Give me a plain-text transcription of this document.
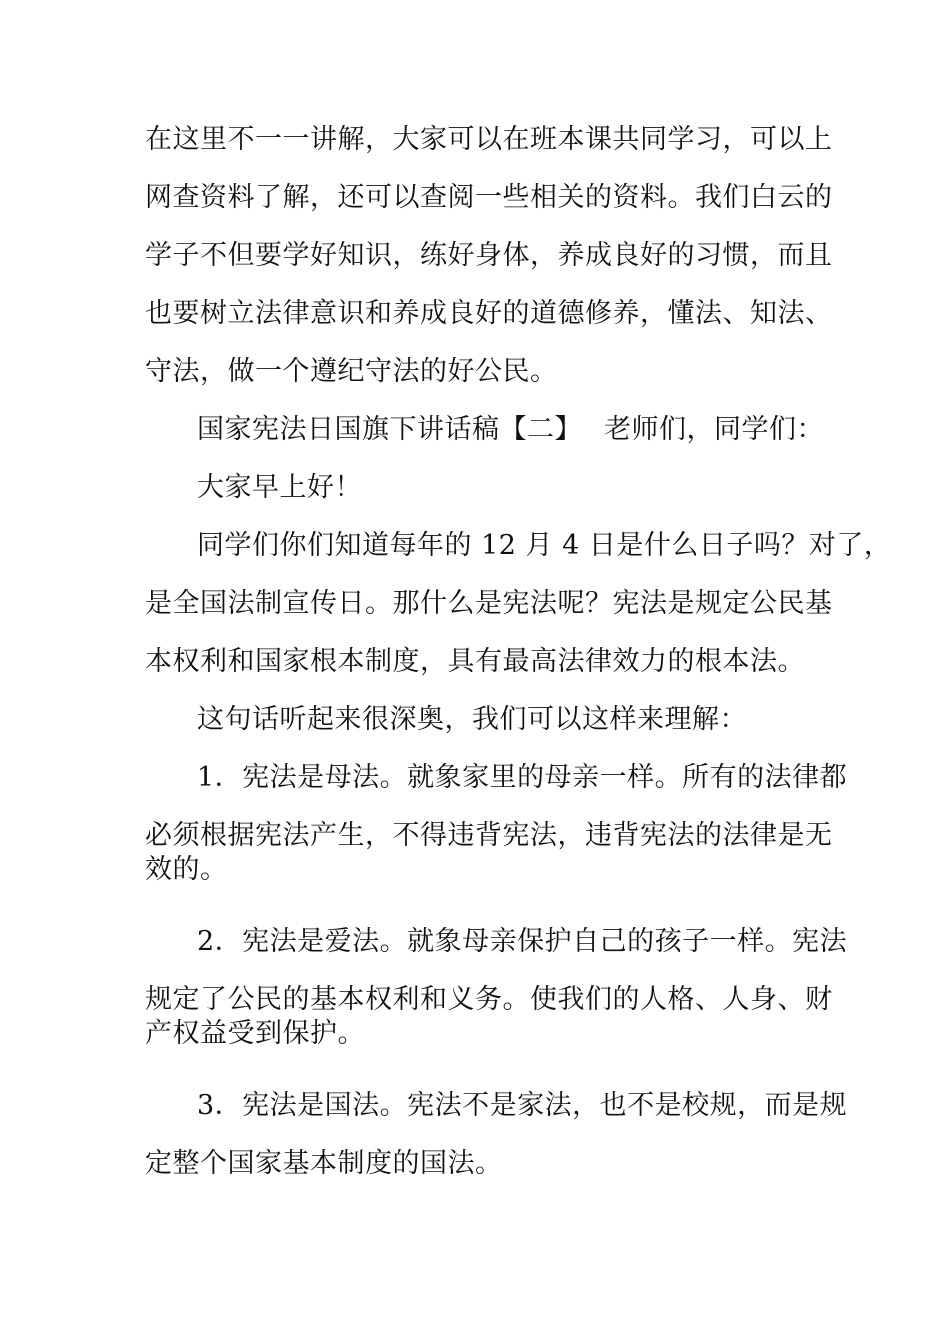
在这里不一一讲解，大家可以在班本课共同学习，可以上
网查资料了解，还可以查阅一些相关的资料。我们白云的
学子不但要学好知识，练好身体，养成良好的习惯，而且
也要树立法律意识和养成良好的道德修养，懂法、知法、
守法，做一个遵纪守法的好公民。
国家宪法日国旗下讲话稿【二】 老师们，同学们：
大家早上好！
同学们你们知道每年的 12 月 4 日是什么日子吗？对了，
是全国法制宣传日。那什么是宪法呢？宪法是规定公民基
本权利和国家根本制度，具有最高法律效力的根本法。
这句话听起来很深奥，我们可以这样来理解：
1．宪法是母法。就象家里的母亲一样。所有的法律都
必须根据宪法产生，不得违背宪法，违背宪法的法律是无
效的。
2．宪法是爱法。就象母亲保护自己的孩子一样。宪法
规定了公民的基本权利和义务。使我们的人格、人身、财
产权益受到保护。
3．宪法是国法。宪法不是家法，也不是校规，而是规
定整个国家基本制度的国法。
